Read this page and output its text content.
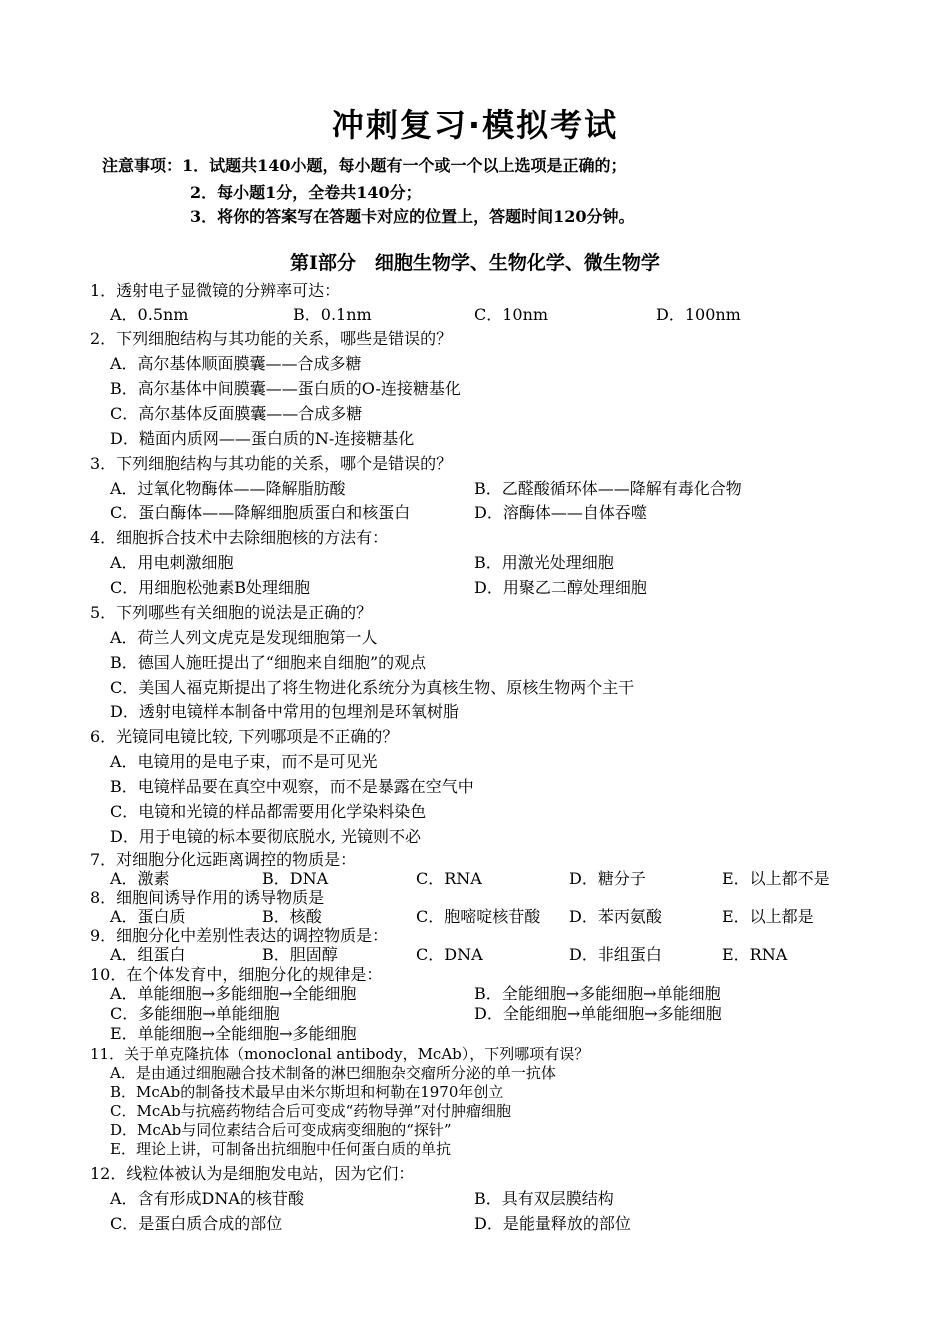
冲刺复习·模拟考试
注意事项：1．试题共140小题，每小题有一个或一个以上选项是正确的；
2．每小题1分，全卷共140分；
3．将你的答案写在答题卡对应的位置上，答题时间120分钟。
第Ⅰ部分　细胞生物学、生物化学、微生物学
1．透射电子显微镜的分辨率可达：
A．0.5nm	B．0.1nm	C．10nm	D．100nm
2．下列细胞结构与其功能的关系，哪些是错误的？
A．高尔基体顺面膜囊——合成多糖
B．高尔基体中间膜囊——蛋白质的O-连接糖基化
C．高尔基体反面膜囊——合成多糖
D．糙面内质网——蛋白质的N-连接糖基化
3．下列细胞结构与其功能的关系，哪个是错误的？
A．过氧化物酶体——降解脂肪酸	B．乙醛酸循环体——降解有毒化合物
C．蛋白酶体——降解细胞质蛋白和核蛋白	D．溶酶体——自体吞噬
4．细胞拆合技术中去除细胞核的方法有：
A．用电刺激细胞	B．用激光处理细胞
C．用细胞松弛素B处理细胞	D．用聚乙二醇处理细胞
5．下列哪些有关细胞的说法是正确的？
A．荷兰人列文虎克是发现细胞第一人
B．德国人施旺提出了“细胞来自细胞”的观点
C．美国人福克斯提出了将生物进化系统分为真核生物、原核生物两个主干
D．透射电镜样本制备中常用的包埋剂是环氧树脂
6．光镜同电镜比较, 下列哪项是不正确的？
A．电镜用的是电子束，而不是可见光
B．电镜样品要在真空中观察，而不是暴露在空气中
C．电镜和光镜的样品都需要用化学染料染色
D．用于电镜的标本要彻底脱水, 光镜则不必
7．对细胞分化远距离调控的物质是：
A．激素	B．DNA	C．RNA	D．糖分子	E．以上都不是
8．细胞间诱导作用的诱导物质是
A．蛋白质	B．核酸	C．胞嘧啶核苷酸 D．苯丙氨酸	E．以上都是
9．细胞分化中差别性表达的调控物质是：
A．组蛋白	B．胆固醇	C．DNA	D．非组蛋白	E．RNA
10．在个体发育中，细胞分化的规律是：
A．单能细胞→多能细胞→全能细胞	B．全能细胞→多能细胞→单能细胞
C．多能细胞→单能细胞	D．全能细胞→单能细胞→多能细胞
E．单能细胞→全能细胞→多能细胞
11．关于单克隆抗体（monoclonal antibody，McAb），下列哪项有误？
A．是由通过细胞融合技术制备的淋巴细胞杂交瘤所分泌的单一抗体
B．McAb的制备技术最早由米尔斯坦和柯勒在1970年创立
C．McAb与抗癌药物结合后可变成“药物导弹”对付肿瘤细胞
D．McAb与同位素结合后可变成病变细胞的“探针”
E．理论上讲，可制备出抗细胞中任何蛋白质的单抗
12．线粒体被认为是细胞发电站，因为它们：
A．含有形成DNA的核苷酸	B．具有双层膜结构
C．是蛋白质合成的部位	D．是能量释放的部位
